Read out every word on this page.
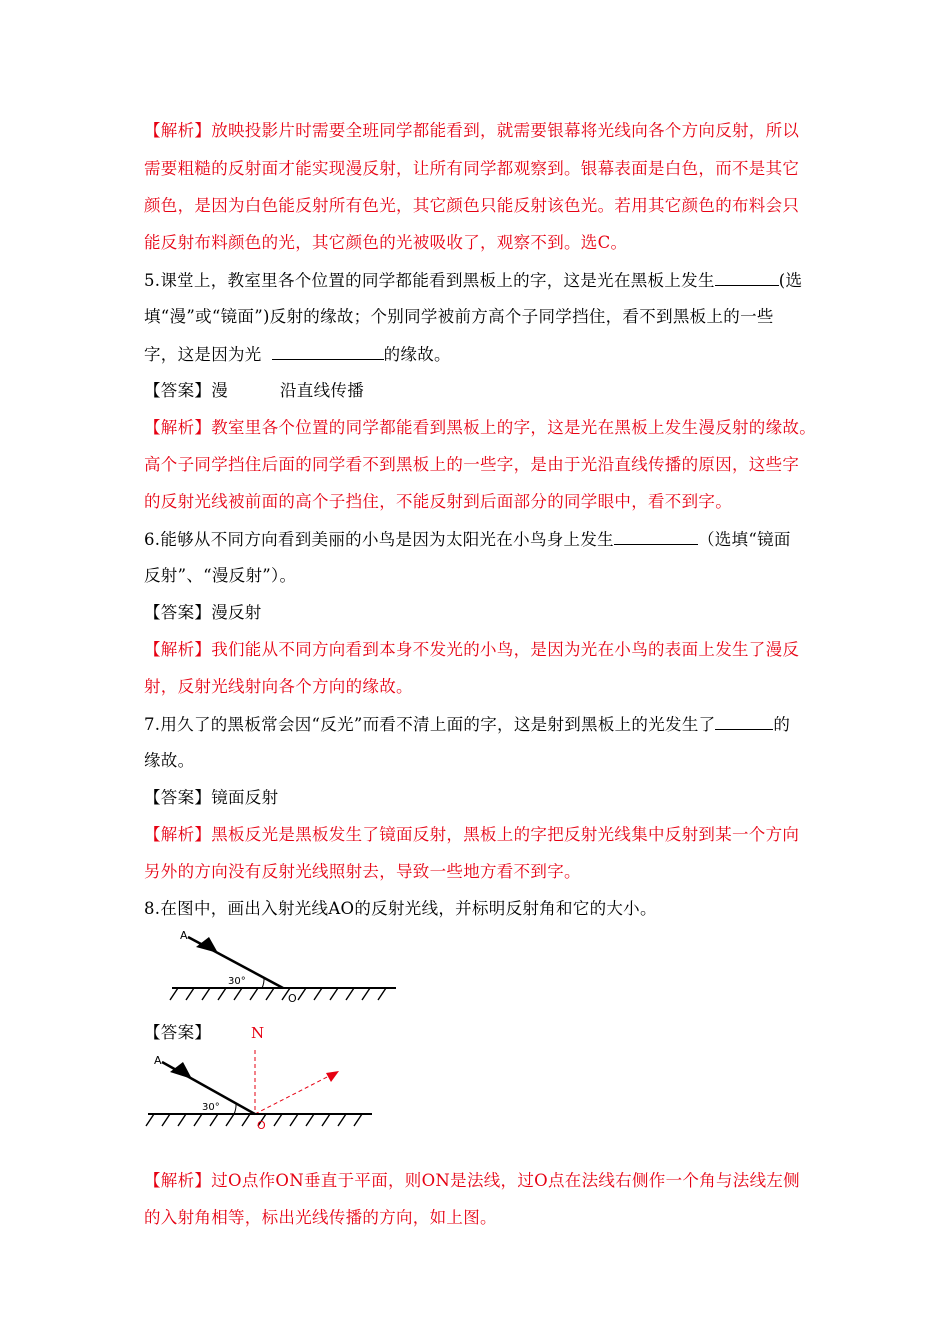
【解析】放映投影片时需要全班同学都能看到，就需要银幕将光线向各个方向反射，所以
需要粗糙的反射面才能实现漫反射，让所有同学都观察到。银幕表面是白色，而不是其它
颜色，是因为白色能反射所有色光，其它颜色只能反射该色光。若用其它颜色的布料会只
能反射布料颜色的光，其它颜色的光被吸收了，观察不到。选C。
5.课堂上，教室里各个位置的同学都能看到黑板上的字，这是光在黑板上发生	(选
填“漫”或“镜面”)反射的缘故；个别同学被前方高个子同学挡住，看不到黑板上的一些
字，这是因为光	的缘故。
【答案】漫	沿直线传播
【解析】教室里各个位置的同学都能看到黑板上的字，这是光在黑板上发生漫反射的缘故。
高个子同学挡住后面的同学看不到黑板上的一些字，是由于光沿直线传播的原因，这些字
的反射光线被前面的高个子挡住，不能反射到后面部分的同学眼中，看不到字。
6.能够从不同方向看到美丽的小鸟是因为太阳光在小鸟身上发生	（选填“镜面
反射”、“漫反射”）。
【答案】漫反射
【解析】我们能从不同方向看到本身不发光的小鸟，是因为光在小鸟的表面上发生了漫反
射，反射光线射向各个方向的缘故。
7.用久了的黑板常会因“反光”而看不清上面的字，这是射到黑板上的光发生了	的
缘故。
【答案】镜面反射
【解析】黑板反光是黑板发生了镜面反射，黑板上的字把反射光线集中反射到某一个方向
另外的方向没有反射光线照射去，导致一些地方看不到字。
8.在图中，画出入射光线AO的反射光线，并标明反射角和它的大小。
A
30°
O
【答案】	N
A
30°
O
【解析】过O点作ON垂直于平面，则ON是法线，过O点在法线右侧作一个角与法线左侧
的入射角相等，标出光线传播的方向，如上图。
